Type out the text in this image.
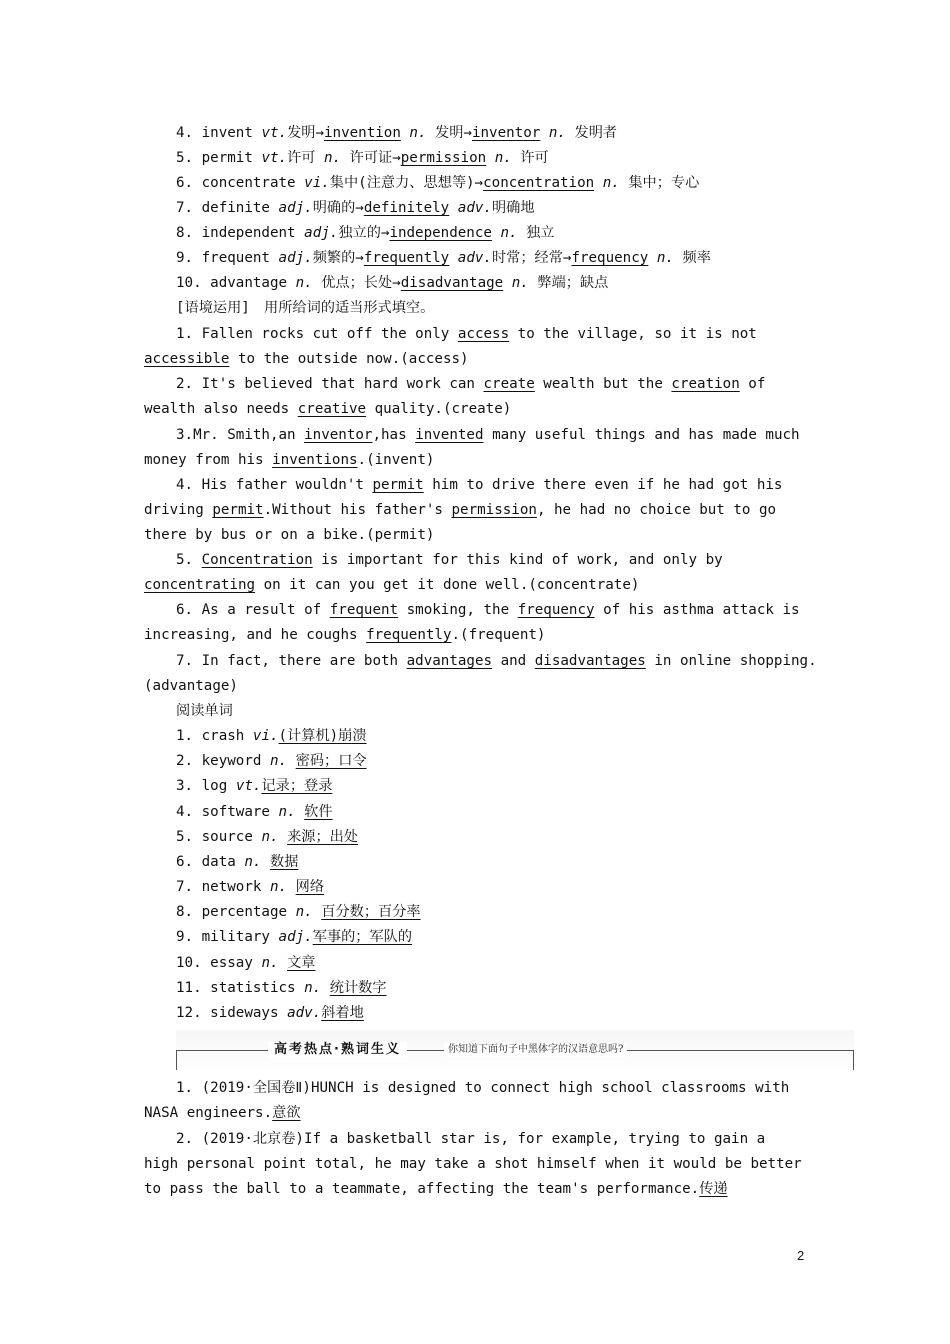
4. invent vt.发明→invention n. 发明→inventor n. 发明者
5. permit vt.许可 n. 许可证→permission n. 许可
6. concentrate vi.集中(注意力、思想等)→concentration n. 集中；专心
7. definite adj.明确的→definitely adv.明确地
8. independent adj.独立的→independence n. 独立
9. frequent adj.频繁的→frequently adv.时常；经常→frequency n. 频率
10. advantage n. 优点；长处→disadvantage n. 弊端；缺点
[语境运用]　用所给词的适当形式填空。
1. Fallen rocks cut off the only access to the village, so it is not
accessible to the outside now.(access)
2. It's believed that hard work can create wealth but the creation of
wealth also needs creative quality.(create)
3.Mr. Smith,an inventor,has invented many useful things and has made much
money from his inventions.(invent)
4. His father wouldn't permit him to drive there even if he had got his
driving permit.Without his father's permission, he had no choice but to go
there by bus or on a bike.(permit)
5. Concentration is important for this kind of work, and only by
concentrating on it can you get it done well.(concentrate)
6. As a result of frequent smoking, the frequency of his asthma attack is
increasing, and he coughs frequently.(frequent)
7. In fact, there are both advantages and disadvantages in online shopping.
(advantage)
阅读单词
1. crash vi.(计算机)崩溃
2. keyword n. 密码；口令
3. log vt.记录；登录
4. software n. 软件
5. source n. 来源；出处
6. data n. 数据
7. network n. 网络
8. percentage n. 百分数；百分率
9. military adj.军事的；军队的
10. essay n. 文章
11. statistics n. 统计数字
12. sideways adv.斜着地
高考热点·熟词生义	你知道下面句子中黑体字的汉语意思吗?
1. (2019·全国卷Ⅱ)HUNCH is designed to connect high school classrooms with
NASA engineers.意欲
2. (2019·北京卷)If a basketball star is, for example, trying to gain a
high personal point total, he may take a shot himself when it would be better
to pass the ball to a teammate, affecting the team's performance.传递
2
